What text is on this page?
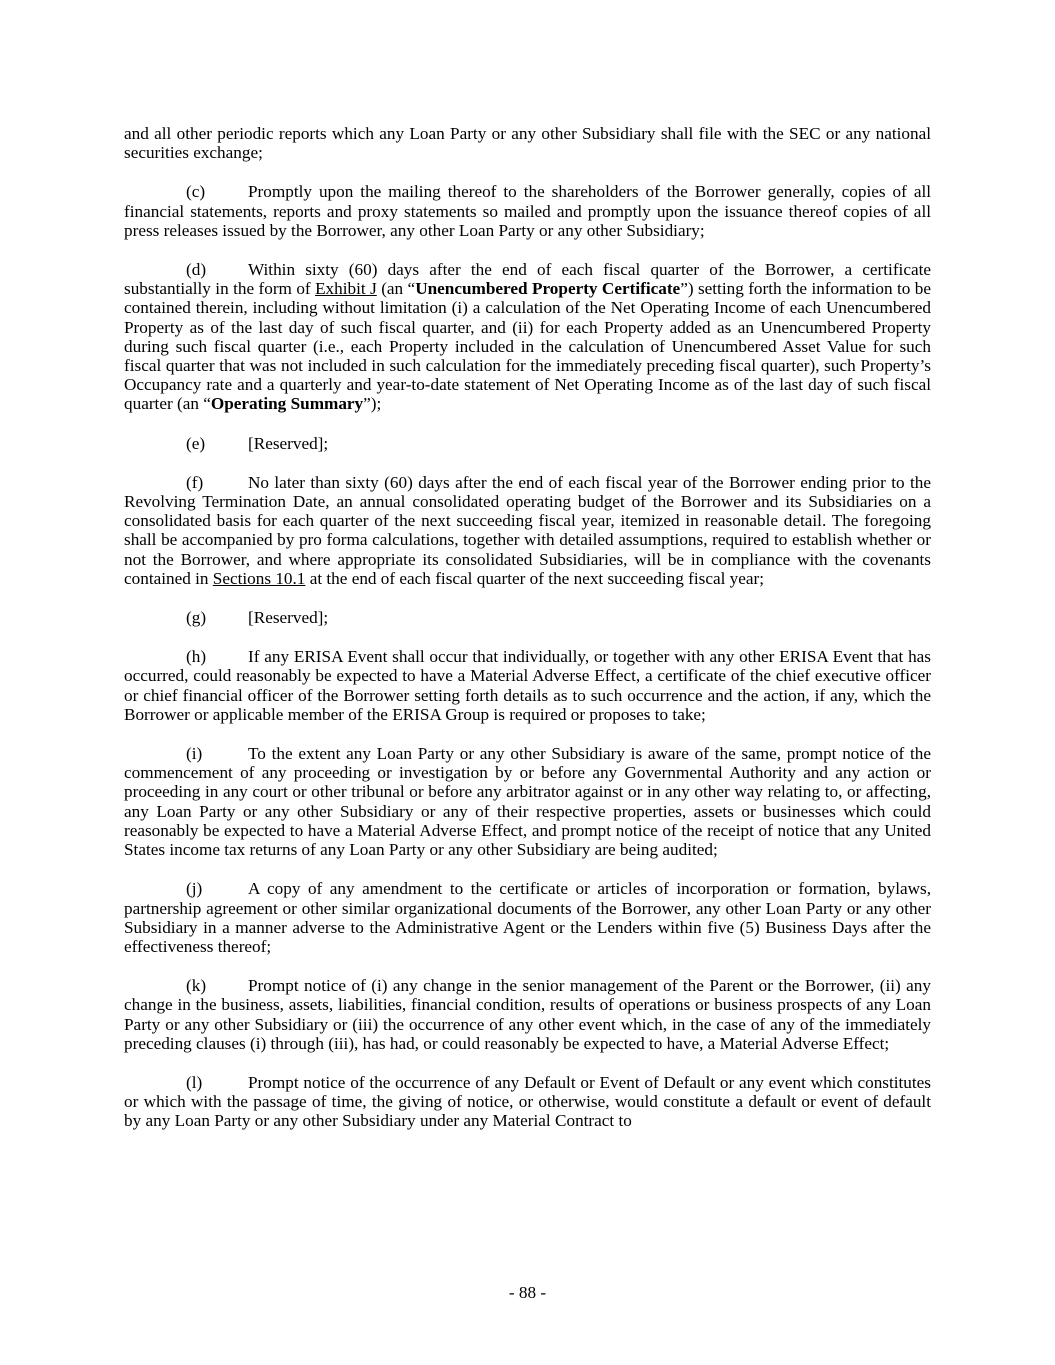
and all other periodic reports which any Loan Party or any other Subsidiary shall file with the SEC or any national securities exchange;

(c) Promptly upon the mailing thereof to the shareholders of the Borrower generally, copies of all financial statements, reports and proxy statements so mailed and promptly upon the issuance thereof copies of all press releases issued by the Borrower, any other Loan Party or any other Subsidiary;

(d) Within sixty (60) days after the end of each fiscal quarter of the Borrower, a certificate substantially in the form of Exhibit J (an “Unencumbered Property Certificate”) setting forth the information to be contained therein, including without limitation (i) a calculation of the Net Operating Income of each Unencumbered Property as of the last day of such fiscal quarter, and (ii) for each Property added as an Unencumbered Property during such fiscal quarter (i.e., each Property included in the calculation of Unencumbered Asset Value for such fiscal quarter that was not included in such calculation for the immediately preceding fiscal quarter), such Property’s Occupancy rate and a quarterly and year-to-date statement of Net Operating Income as of the last day of such fiscal quarter (an “Operating Summary”);

(e) [Reserved];

(f)	No later than sixty (60) days after the end of each fiscal year of the Borrower ending prior to the Revolving Termination Date, an annual consolidated operating budget of the Borrower and its Subsidiaries on a consolidated basis for each quarter of the next succeeding fiscal year, itemized in reasonable detail. The foregoing shall be accompanied by pro forma calculations, together with detailed assumptions, required to establish whether or not the Borrower, and where appropriate its consolidated Subsidiaries, will be in compliance with the covenants contained in Sections 10.1 at the end of each fiscal quarter of the next succeeding fiscal year;

(g) [Reserved];

(h) If any ERISA Event shall occur that individually, or together with any other ERISA Event that has occurred, could reasonably be expected to have a Material Adverse Effect, a certificate of the chief executive officer or chief financial officer of the Borrower setting forth details as to such occurrence and the action, if any, which the Borrower or applicable member of the ERISA Group is required or proposes to take;

(i)	To the extent any Loan Party or any other Subsidiary is aware of the same, prompt notice of the commencement of any proceeding or investigation by or before any Governmental Authority and any action or proceeding in any court or other tribunal or before any arbitrator against or in any other way relating to, or affecting, any Loan Party or any other Subsidiary or any of their respective properties, assets or businesses which could reasonably be expected to have a Material Adverse Effect, and prompt notice of the receipt of notice that any United States income tax returns of any Loan Party or any other Subsidiary are being audited;

(j)	A copy of any amendment to the certificate or articles of incorporation or formation, bylaws, partnership agreement or other similar organizational documents of the Borrower, any other Loan Party or any other Subsidiary in a manner adverse to the Administrative Agent or the Lenders within five (5) Business Days after the effectiveness thereof;

(k) Prompt notice of (i) any change in the senior management of the Parent or the Borrower, (ii) any change in the business, assets, liabilities, financial condition, results of operations or business prospects of any Loan Party or any other Subsidiary or (iii) the occurrence of any other event which, in the case of any of the immediately preceding clauses (i) through (iii), has had, or could reasonably be expected to have, a Material Adverse Effect;

(l)	Prompt notice of the occurrence of any Default or Event of Default or any event which constitutes or which with the passage of time, the giving of notice, or otherwise, would constitute a default or event of default by any Loan Party or any other Subsidiary under any Material Contract to

- 88 -
